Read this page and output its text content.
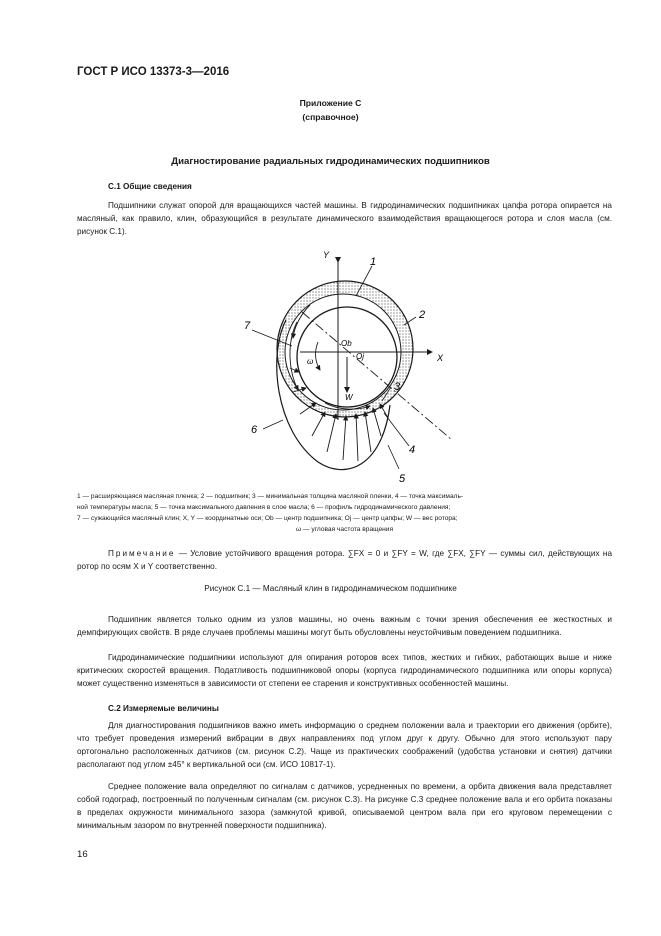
ГОСТ Р ИСО 13373-3—2016
Приложение С
(справочное)
Диагностирование радиальных гидродинамических подшипников
С.1 Общие сведения
Подшипники служат опорой для вращающихся частей машины. В гидродинамических подшипниках цапфа ротора опирается на масляный, как правило, клин, образующийся в результате динамического взаимодействия вращающегося ротора и слоя масла (см. рисунок С.1).
Y
X
Ob
Oj
W
ω
1
2
3
4
5
6
7
1 — расширяющаяся масляная пленка; 2 — подшипник; 3 — минимальная толщина масляной пленки, 4 — точка максималь-
ной температуры масла; 5 — точка максимального давления в слое масла; 6 — профиль гидродинамического давления;
7 — сужающийся масляный клин; X, Y — координатные оси; Ob — центр подшипника; Oj — центр цапфы; W — вес ротора;
ω — угловая частота вращения
Примечание — Условие устойчивого вращения ротора. ∑FX = 0 и ∑FY = W, где ∑FX, ∑FY — суммы сил, действующих на ротор по осям X и Y соответственно.
Рисунок С.1 — Масляный клин в гидродинамическом подшипнике
Подшипник является только одним из узлов машины, но очень важным с точки зрения обеспечения ее жесткостных и демпфирующих свойств. В ряде случаев проблемы машины могут быть обусловлены неустойчивым поведением подшипника.
Гидродинамические подшипники используют для опирания роторов всех типов, жестких и гибких, работающих выше и ниже критических скоростей вращения. Податливость подшипниковой опоры (корпуса гидродинамического подшипника или опоры корпуса) может существенно изменяться в зависимости от степени ее старения и конструктивных особенностей машины.
С.2 Измеряемые величины
Для диагностирования подшипников важно иметь информацию о среднем положении вала и траектории его движения (орбите), что требует проведения измерений вибрации в двух направлениях под углом друг к другу. Обычно для этого используют пару ортогонально расположенных датчиков (см. рисунок С.2). Чаще из практических соображений (удобства установки и снятия) датчики располагают под углом ±45° к вертикальной оси (см. ИСО 10817-1).
Среднее положение вала определяют по сигналам с датчиков, усредненных по времени, а орбита движения вала представляет собой годограф, построенный по полученным сигналам (см. рисунок С.3). На рисунке С.3 среднее положение вала и его орбита показаны в пределах окружности минимального зазора (замкнутой кривой, описываемой центром вала при его круговом перемещении с минимальным зазором по внутренней поверхности подшипника).
16
